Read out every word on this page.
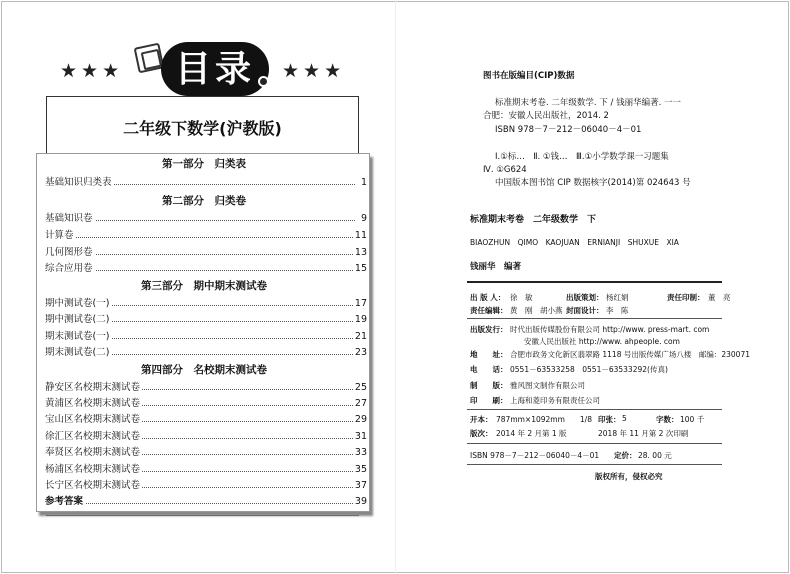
★★★	目录	★★★
二年级下数学(沪教版)
第一部分　归类表
基础知识归类表	1
第二部分　归类卷
基础知识卷	9
计算卷	11
几何图形卷	13
综合应用卷	15
第三部分　期中期末测试卷
期中测试卷(一)	17
期中测试卷(二)	19
期末测试卷(一)	21
期末测试卷(二)	23
第四部分　名校期末测试卷
静安区名校期末测试卷	25
黄浦区名校期末测试卷	27
宝山区名校期末测试卷	29
徐汇区名校期末测试卷	31
奉贤区名校期末测试卷	33
杨浦区名校期末测试卷	35
长宁区名校期末测试卷	37
参考答案	39
图书在版编目(CIP)数据
标准期末考卷. 二年级数学. 下 / 钱丽华编著. 一一
合肥：安徽人民出版社，2014. 2
ISBN 978－7－212－06040－4－01
Ⅰ.①标…　Ⅱ. ①钱…　Ⅲ.①小学数学课一习题集
Ⅳ. ①G624
中国版本图书馆 CIP 数据核字(2014)第 024643 号
标准期末考卷　二年级数学　下
BIAOZHUN　QIMO　KAOJUAN　ERNIANJI　SHUXUE　XIA
钱丽华　编著
出 版 人： 徐　敏	出版策划： 杨红娟	责任印制： 董　亮
责任编辑： 黄　刚　胡小燕 封面设计： 李　陈
出版发行： 时代出版传媒股份有限公司 http://www. press-mart. com
安徽人民出版社 http://www. ahpeople. com
地　　址： 合肥市政务文化新区翡翠路 1118 号出版传媒广场八楼　邮编：230071
电　　话： 0551－63533258　0551－63533292(传真)
制　　版： 雅风图文制作有限公司
印　　刷： 上海和菱印务有限责任公司
开本： 787mm×1092mm　　1/8 印张： 5	字数： 100 千
版次： 2014 年 2 月第 1 版	2018 年 11 月第 2 次印刷
ISBN 978－7－212－06040－4－01 定价： 28. 00 元
版权所有，侵权必究
